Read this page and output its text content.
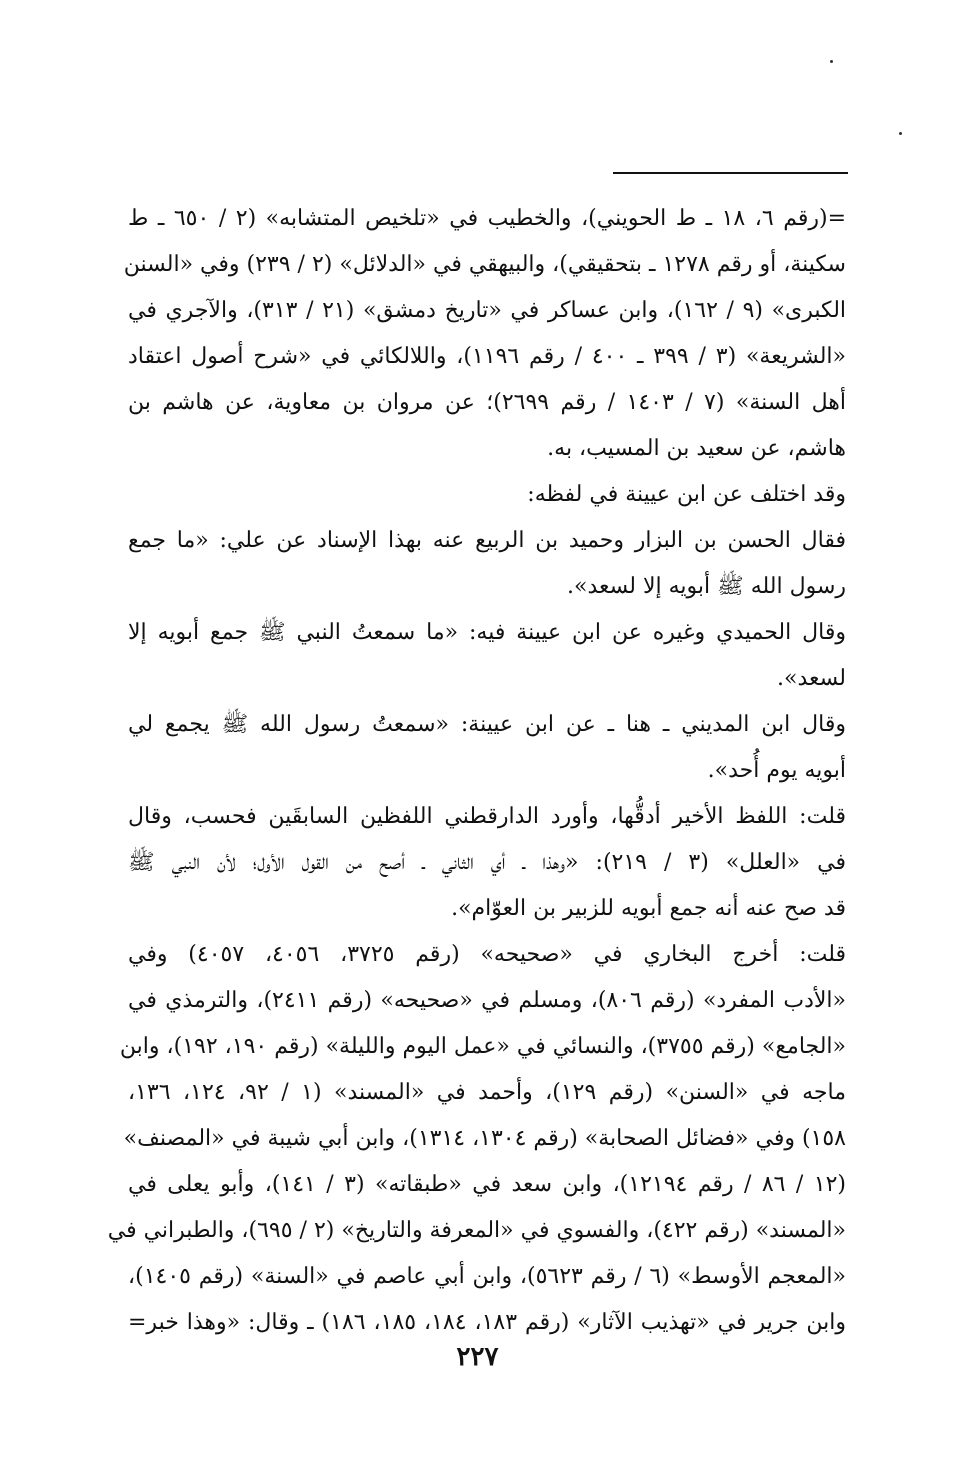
=(رقم ٦، ١٨ ـ ط الحويني)، والخطيب في «تلخيص المتشابه» (٢ / ٦٥٠ ـ ط
سكينة، أو رقم ١٢٧٨ ـ بتحقيقي)، والبيهقي في «الدلائل» (٢ / ٢٣٩) وفي «السنن
الكبرى» (٩ / ١٦٢)، وابن عساكر في «تاريخ دمشق» (٢١ / ٣١٣)، والآجري في
«الشريعة» (٣ / ٣٩٩ ـ ٤٠٠ / رقم ١١٩٦)، واللالكائي في «شرح أصول اعتقاد
أهل السنة» (٧ / ١٤٠٣ / رقم ٢٦٩٩)؛ عن مروان بن معاوية، عن هاشم بن
هاشم، عن سعيد بن المسيب، به.
وقد اختلف عن ابن عيينة في لفظه:
فقال الحسن بن البزار وحميد بن الربيع عنه بهذا الإسناد عن علي: «ما جمع
رسول الله ﷺ أبويه إلا لسعد».
وقال الحميدي وغيره عن ابن عيينة فيه: «ما سمعتُ النبي ﷺ جمع أبويه إلا
لسعد».
وقال ابن المديني ـ هنا ـ عن ابن عيينة: «سمعتُ رسول الله ﷺ يجمع لي
أبويه يوم أُحد».
قلت: اللفظ الأخير أدقُّها، وأورد الدارقطني اللفظين السابقَين فحسب، وقال
في «العلل» (٣ / ٢١٩): «وهذا ـ أي الثاني ـ أصح من القول الأول؛ لأن النبي ﷺ
قد صح عنه أنه جمع أبويه للزبير بن العوّام».
قلت: أخرج البخاري في «صحيحه» (رقم ٣٧٢٥، ٤٠٥٦، ٤٠٥٧) وفي
«الأدب المفرد» (رقم ٨٠٦)، ومسلم في «صحيحه» (رقم ٢٤١١)، والترمذي في
«الجامع» (رقم ٣٧٥٥)، والنسائي في «عمل اليوم والليلة» (رقم ١٩٠، ١٩٢)، وابن
ماجه في «السنن» (رقم ١٢٩)، وأحمد في «المسند» (١ / ٩٢، ١٢٤، ١٣٦،
١٥٨) وفي «فضائل الصحابة» (رقم ١٣٠٤، ١٣١٤)، وابن أبي شيبة في «المصنف»
(١٢ / ٨٦ / رقم ١٢١٩٤)، وابن سعد في «طبقاته» (٣ / ١٤١)، وأبو يعلى في
«المسند» (رقم ٤٢٢)، والفسوي في «المعرفة والتاريخ» (٢ / ٦٩٥)، والطبراني في
«المعجم الأوسط» (٦ / رقم ٥٦٢٣)، وابن أبي عاصم في «السنة» (رقم ١٤٠٥)،
وابن جرير في «تهذيب الآثار» (رقم ١٨٣، ١٨٤، ١٨٥، ١٨٦) ـ وقال: «وهذا خبر=
٢٢٧
